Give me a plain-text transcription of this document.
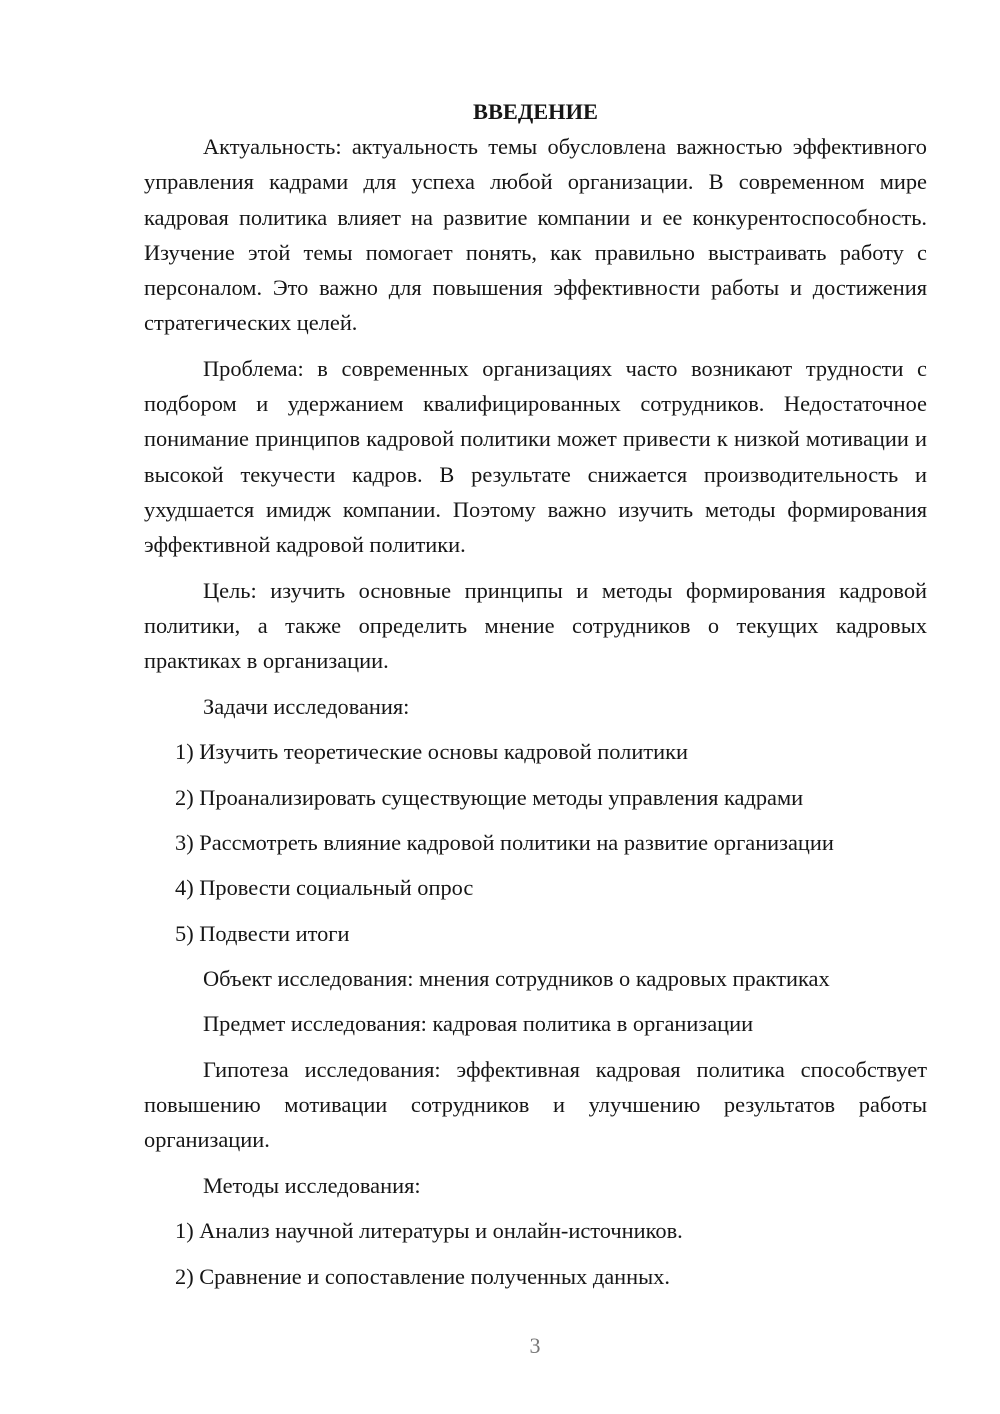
ВВЕДЕНИЕ

Актуальность: актуальность темы обусловлена важностью эффективного управления кадрами для успеха любой организации. В современном мире кадровая политика влияет на развитие компании и ее конкурентоспособность. Изучение этой темы помогает понять, как правильно выстраивать работу с персоналом. Это важно для повышения эффективности работы и достижения стратегических целей.

Проблема: в современных организациях часто возникают трудности с подбором и удержанием квалифицированных сотрудников. Недостаточное понимание принципов кадровой политики может привести к низкой мотивации и высокой текучести кадров. В результате снижается производительность и ухудшается имидж компании. Поэтому важно изучить методы формирования эффективной кадровой политики.

Цель: изучить основные принципы и методы формирования кадровой политики, а также определить мнение сотрудников о текущих кадровых практиках в организации.

Задачи исследования:

1) Изучить теоретические основы кадровой политики

2) Проанализировать существующие методы управления кадрами

3) Рассмотреть влияние кадровой политики на развитие организации

4) Провести социальный опрос

5) Подвести итоги

Объект исследования: мнения сотрудников о кадровых практиках

Предмет исследования: кадровая политика в организации

Гипотеза исследования: эффективная кадровая политика способствует повышению мотивации сотрудников и улучшению результатов работы организации.

Методы исследования:

1) Анализ научной литературы и онлайн-источников.

2) Сравнение и сопоставление полученных данных.

3
